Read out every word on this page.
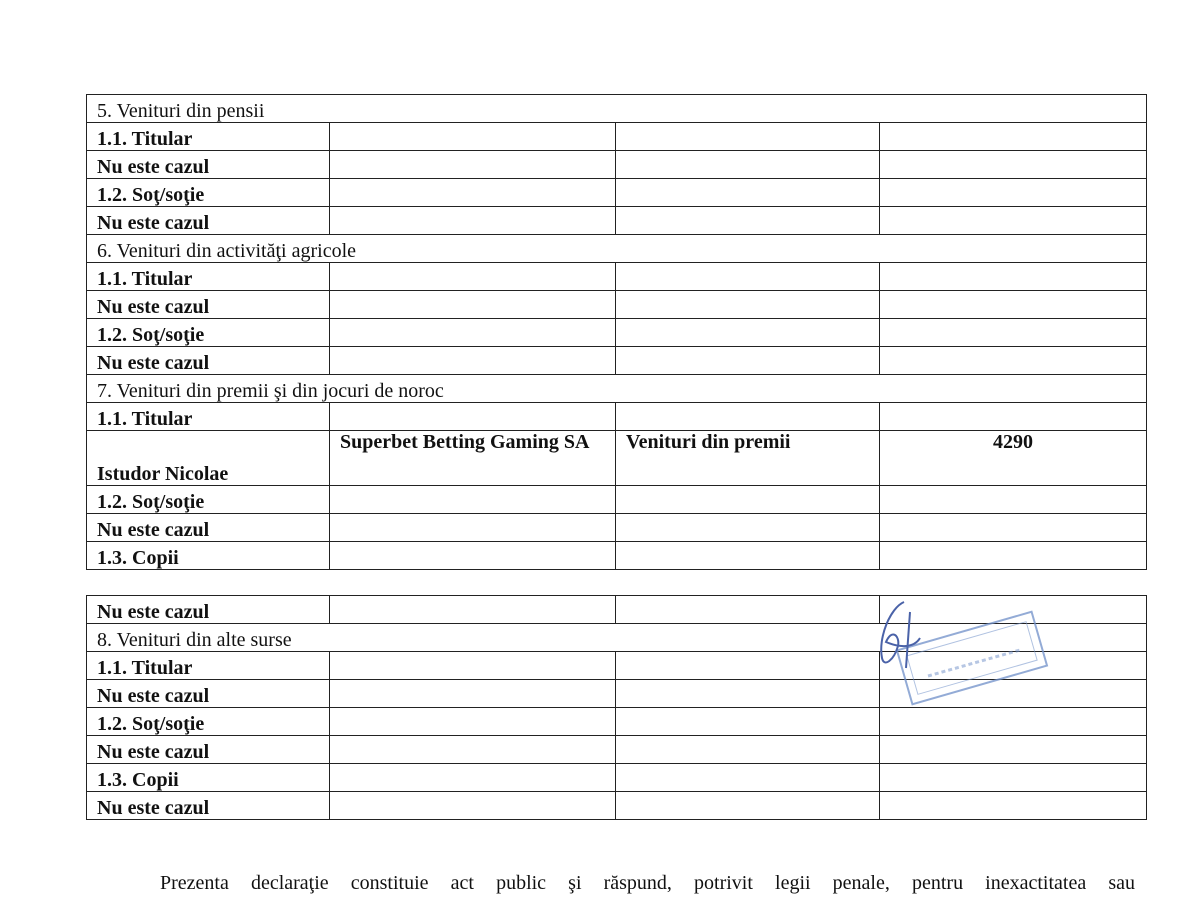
5. Venituri din pensii			
1.1. Titular			
Nu este cazul			
1.2. Soţ/soţie			
Nu este cazul			
6. Venituri din activităţi agricole			
1.1. Titular			
Nu este cazul			
1.2. Soţ/soţie			
Nu este cazul			
7. Venituri din premii şi din jocuri de noroc			
1.1. Titular			
Istudor Nicolae	Superbet Betting Gaming SA	Venituri din premii	4290
1.2. Soţ/soţie			
Nu este cazul			
1.3. Copii			
Nu este cazul			
8. Venituri din alte surse			
1.1. Titular			
Nu este cazul			
1.2. Soţ/soţie			
Nu este cazul			
1.3. Copii			
Nu este cazul			

Prezenta declaraţie constituie act public şi răspund, potrivit legii penale, pentru inexactitatea sau
